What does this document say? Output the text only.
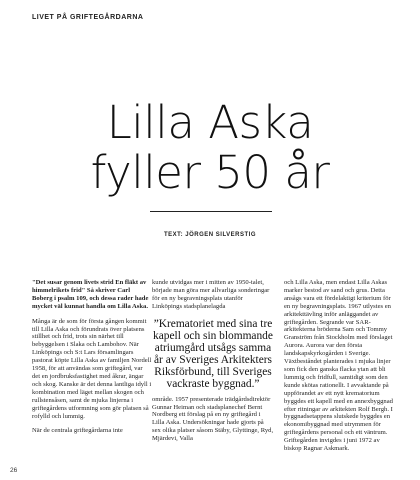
LIVET PÅ GRIFTEGÅRDARNA
Lilla Aska
fyller 50 år
TEXT: JÖRGEN SILVERSTIG

"Det susar genom livets strid En fläkt av himmelrikets frid" Så skriver Carl Boberg i psalm 109, och dessa rader hade mycket väl kunnat handla om Lilla Aska.

Många är de som för första gången kommit till Lilla Aska och förundrats över platsens stillhet och frid, trots sin närhet till bebyggelsen i Slaka och Lambohov. När Linköpings och S:t Lars församlingars pastorat köpte Lilla Aska av familjen Nordell 1958, för att användas som griftegård, var det en jordbruksfastighet med åkrar, ängar och skog. Kanske är det denna lantliga idyll i kombination med läget mellan skogen och rullstensåsen, samt de mjuka linjerna i griftegårdens utformning som gör platsen så rofylld och lummig.

När de centrala griftegårdarna inte

kunde utvidgas mer i mitten av 1950-talet, började man göra mer allvarliga sonderingar för en ny begravningsplats utanför Linköpings stadsplanelagda

”Krematoriet med sina tre kapell och sin blommande atriumgård utsågs samma år av Sveriges Arkitekters Riksförbund, till Sveriges vackraste byggnad.”

område. 1957 presenterade trädgårdsdirektör Gunnar Heiman och stadsplanechef Bernt Nordberg ett förslag på en ny griftegård i Lilla Aska. Undersökningar hade gjorts på sex olika platser såsom Stäby, Glyttinge, Ryd, Mjärdevi, Valla

och Lilla Aska, men endast Lilla Askas marker bestod av sand och grus. Detta ansågs vara ett fördelaktigt kriterium för en ny begravningsplats. 1967 utlystes en arkitekttävling inför anläggandet av griftegården. Segrande var SAR-arkitekterna bröderna Sam och Tommy Granström från Stockholm med förslaget Aurora. Aurora var den första landskapskyrkogården i Sverige. Växtbeståndet planterades i mjuka linjer som fick den ganska flacka ytan att bli lummig och fridfull, samtidigt som den kunde skötas rationellt. I avvaktande på uppförandet av ett nytt krematorium byggdes ett kapell med en annexbyggnad efter ritningar av arkitekten Rolf Bergh. I byggnadsetappens slutskede byggdes en ekonomibyggnad med utrymmen för griftegårdens personal och ett väntrum. Griftegården invigdes i juni 1972 av biskop Ragnar Askmark.

26
